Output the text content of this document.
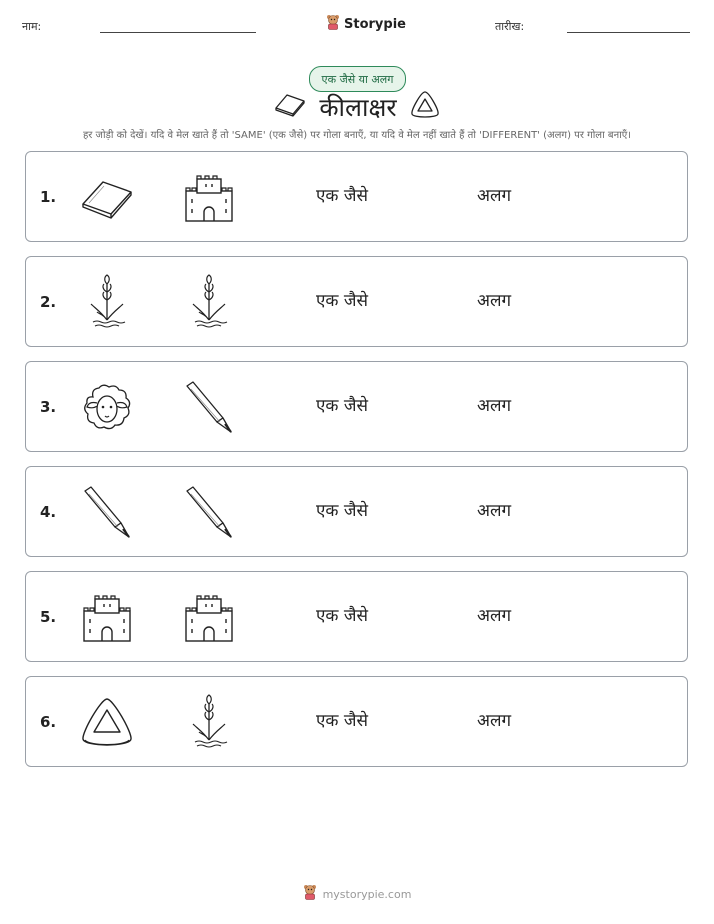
नाम:	Storypie	तारीख:
एक जैसे या अलग
कीलाक्षर
हर जोड़ी को देखें। यदि वे मेल खाते हैं तो 'SAME' (एक जैसे) पर गोला बनाएँ, या यदि वे मेल नहीं खाते हैं तो 'DIFFERENT' (अलग) पर गोला बनाएँ।
1.	एक जैसे	अलग
2.	एक जैसे	अलग
3.	एक जैसे	अलग
4.	एक जैसे	अलग
5.	एक जैसे	अलग
6.	एक जैसे	अलग
mystorypie.com
